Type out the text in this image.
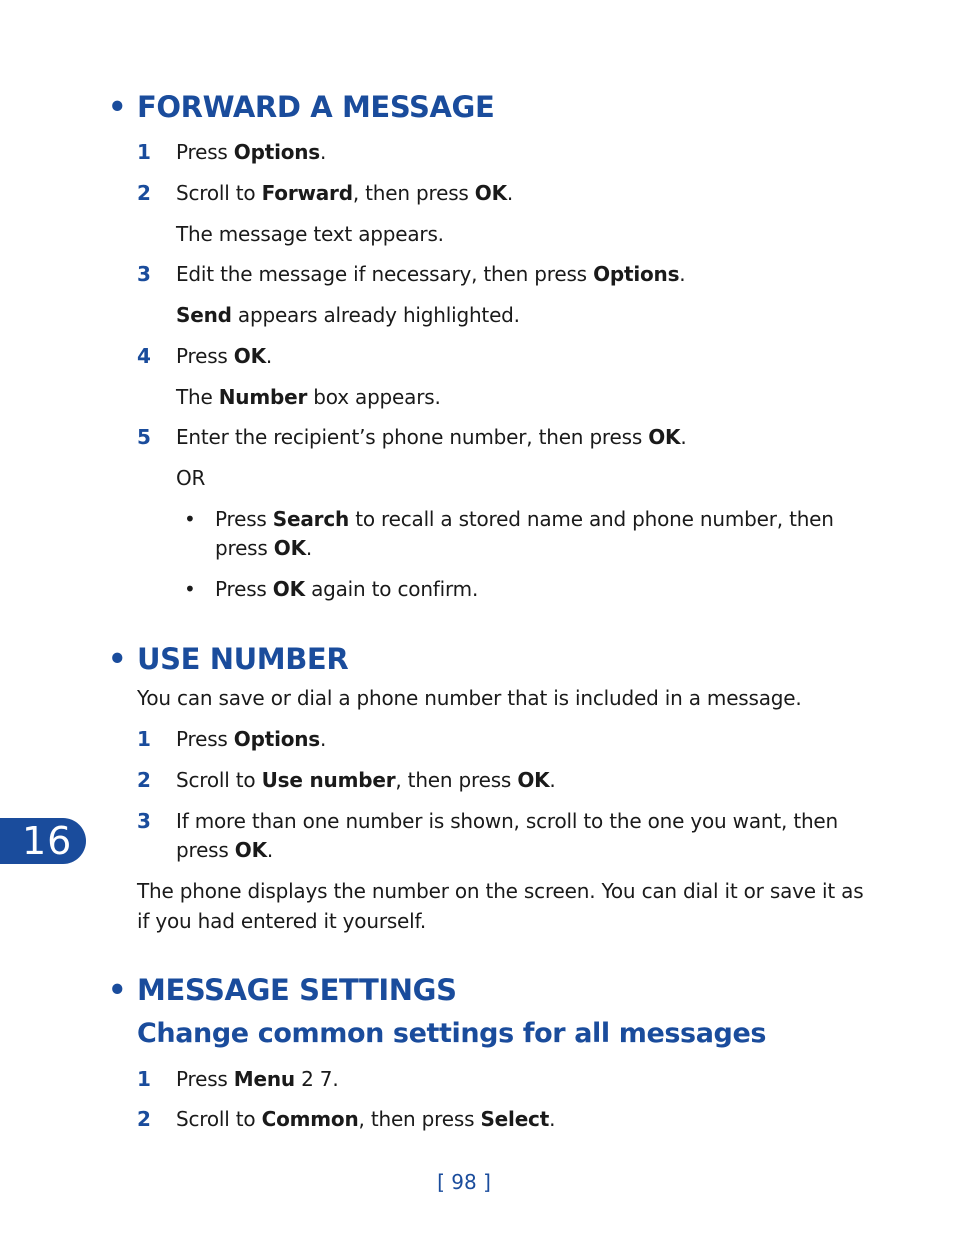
• FORWARD A MESSAGE
1 Press Options.
2 Scroll to Forward, then press OK.
The message text appears.
3 Edit the message if necessary, then press Options.
Send appears already highlighted.
4 Press OK.
The Number box appears.
5 Enter the recipient’s phone number, then press OK.
OR
• Press Search to recall a stored name and phone number, then
press OK.
• Press OK again to confirm.
• USE NUMBER
You can save or dial a phone number that is included in a message.
1 Press Options.
2 Scroll to Use number, then press OK.
3 If more than one number is shown, scroll to the one you want, then
press OK.
The phone displays the number on the screen. You can dial it or save it as
if you had entered it yourself.
• MESSAGE SETTINGS
Change common settings for all messages
1 Press Menu 2 7.
2 Scroll to Common, then press Select.
16
[ 98 ]
